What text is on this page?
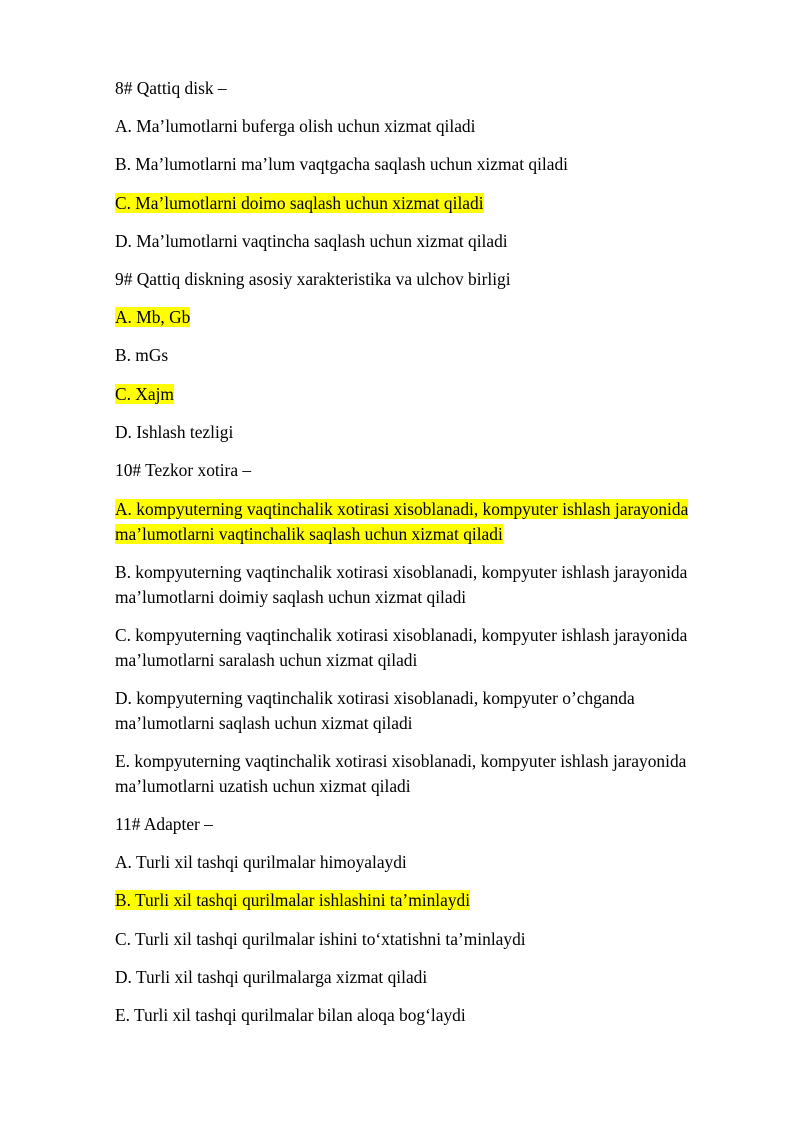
8# Qattiq disk –

A. Ma’lumotlarni buferga olish uchun xizmat qiladi

B. Ma’lumotlarni ma’lum vaqtgacha saqlash uchun xizmat qiladi

C. Ma’lumotlarni doimo saqlash uchun xizmat qiladi

D. Ma’lumotlarni vaqtincha saqlash uchun xizmat qiladi

9# Qattiq diskning asosiy xarakteristika va ulchov birligi

A. Mb, Gb

B. mGs

C. Xajm

D. Ishlash tezligi

10# Tezkor xotira –

A. kompyuterning vaqtinchalik xotirasi xisoblanadi, kompyuter ishlash jarayonida

ma’lumotlarni vaqtinchalik saqlash uchun xizmat qiladi

B. kompyuterning vaqtinchalik xotirasi xisoblanadi, kompyuter ishlash jarayonida

ma’lumotlarni doimiy saqlash uchun xizmat qiladi

C. kompyuterning vaqtinchalik xotirasi xisoblanadi, kompyuter ishlash jarayonida

ma’lumotlarni saralash uchun xizmat qiladi

D. kompyuterning vaqtinchalik xotirasi xisoblanadi, kompyuter o’chganda

ma’lumotlarni saqlash uchun xizmat qiladi

E. kompyuterning vaqtinchalik xotirasi xisoblanadi, kompyuter ishlash jarayonida

ma’lumotlarni uzatish uchun xizmat qiladi

11# Adapter –

A. Turli xil tashqi qurilmalar himoyalaydi

B. Turli xil tashqi qurilmalar ishlashini ta’minlaydi

C. Turli xil tashqi qurilmalar ishini to‘xtatishni ta’minlaydi

D. Turli xil tashqi qurilmalarga xizmat qiladi

E. Turli xil tashqi qurilmalar bilan aloqa bog‘laydi
